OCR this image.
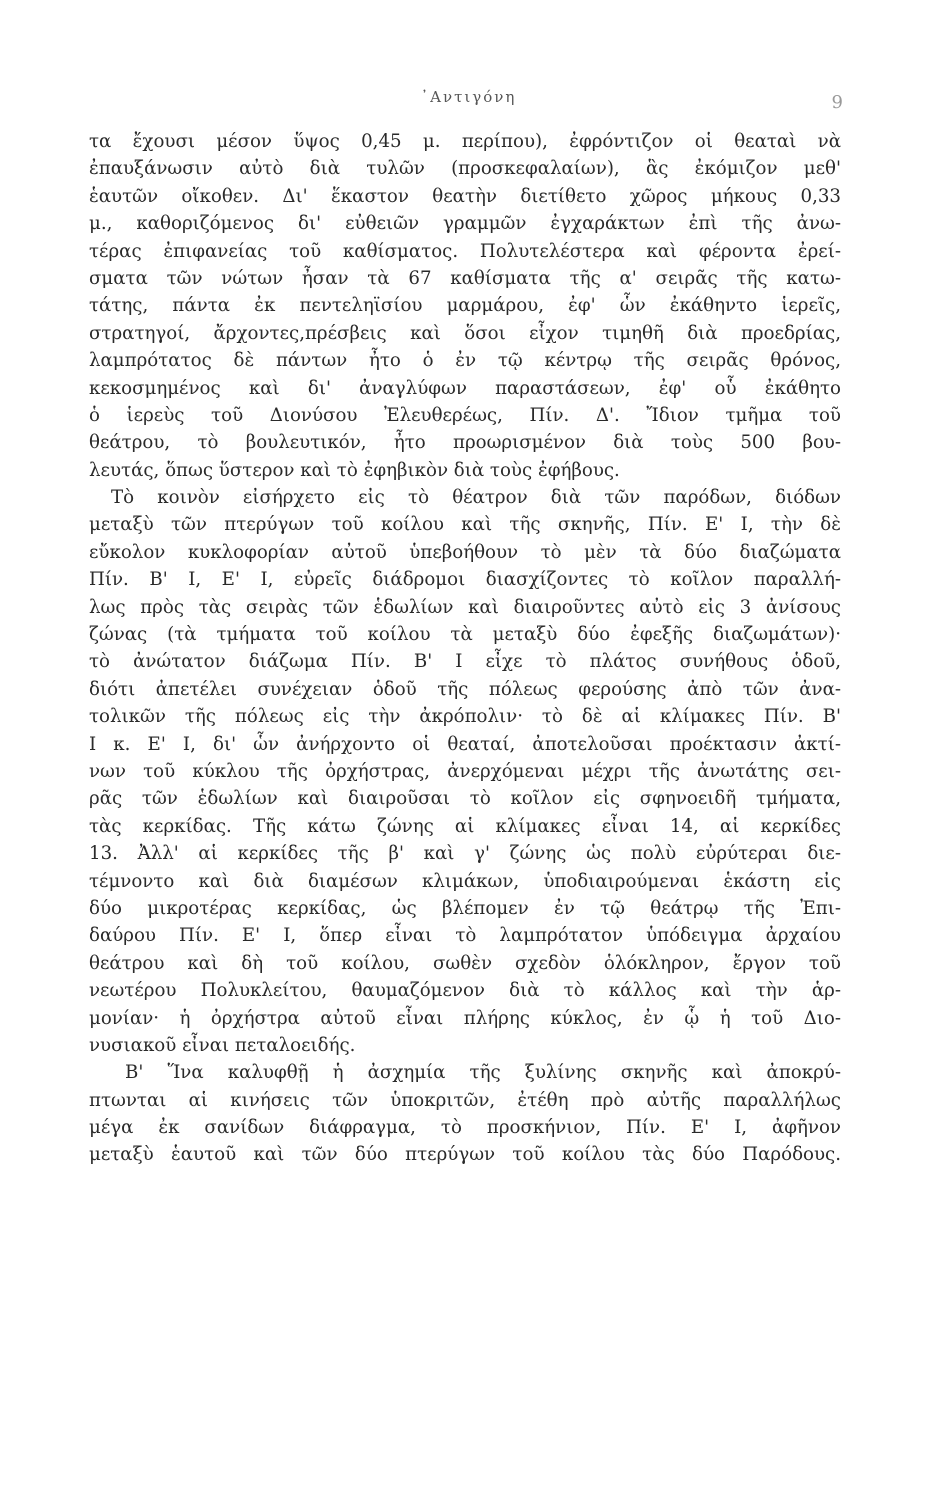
᾿Αντιγόνη	9
τα ἔχουσι μέσον ὕψος 0,45 μ. περίπου), ἐφρόντιζον οἱ θεαταὶ νὰ
ἐπαυξάνωσιν αὐτὸ διὰ τυλῶν (προσκεφαλαίων), ἃς ἐκόμιζον μεθ'
ἑαυτῶν οἴκοθεν. Δι' ἕκαστον θεατὴν διετίθετο χῶρος μήκους 0,33
μ., καθοριζόμενος δι' εὐθειῶν γραμμῶν ἐγχαράκτων ἐπὶ τῆς ἀνω-
τέρας ἐπιφανείας τοῦ καθίσματος. Πολυτελέστερα καὶ φέροντα ἐρεί-
σματα τῶν νώτων ἦσαν τὰ 67 καθίσματα τῆς α' σειρᾶς τῆς κατω-
τάτης, πάντα ἐκ πεντεληϊσίου μαρμάρου, ἐφ' ὧν ἐκάθηντο ἱερεῖς,
στρατηγοί, ἄρχοντες,πρέσβεις καὶ ὅσοι εἶχον τιμηθῆ διὰ προεδρίας,
λαμπρότατος δὲ πάντων ἦτο ὁ ἐν τῷ κέντρῳ τῆς σειρᾶς θρόνος,
κεκοσμημένος καὶ δι' ἀναγλύφων παραστάσεων, ἐφ' οὗ ἐκάθητο
ὁ ἱερεὺς τοῦ Διονύσου Ἐλευθερέως, Πίν. Δ'. Ἴδιον τμῆμα τοῦ
θεάτρου, τὸ βουλευτικόν, ἦτο προωρισμένον διὰ τοὺς 500 βου-
λευτάς, ὅπως ὕστερον καὶ τὸ ἐφηβικὸν διὰ τοὺς ἐφήβους.
Τὸ κοινὸν εἰσήρχετο εἰς τὸ θέατρον διὰ τῶν παρόδων, διόδων
μεταξὺ τῶν πτερύγων τοῦ κοίλου καὶ τῆς σκηνῆς, Πίν. Ε' Ι, τὴν δὲ
εὔκολον κυκλοφορίαν αὐτοῦ ὑπεβοήθουν τὸ μὲν τὰ δύο διαζώματα
Πίν. Β' Ι, Ε' Ι, εὐρεῖς διάδρομοι διασχίζοντες τὸ κοῖλον παραλλή-
λως πρὸς τὰς σειρὰς τῶν ἑδωλίων καὶ διαιροῦντες αὐτὸ εἰς 3 ἀνίσους
ζώνας (τὰ τμήματα τοῦ κοίλου τὰ μεταξὺ δύο ἐφεξῆς διαζωμάτων)·
τὸ ἀνώτατον διάζωμα Πίν. Β' Ι εἶχε τὸ πλάτος συνήθους ὁδοῦ,
διότι ἀπετέλει συνέχειαν ὁδοῦ τῆς πόλεως φερούσης ἀπὸ τῶν ἀνα-
τολικῶν τῆς πόλεως εἰς τὴν ἀκρόπολιν· τὸ δὲ αἱ κλίμακες Πίν. Β'
Ι κ. Ε' Ι, δι' ὧν ἀνήρχοντο οἱ θεαταί, ἀποτελοῦσαι προέκτασιν ἀκτί-
νων τοῦ κύκλου τῆς ὀρχήστρας, ἀνερχόμεναι μέχρι τῆς ἀνωτάτης σει-
ρᾶς τῶν ἑδωλίων καὶ διαιροῦσαι τὸ κοῖλον εἰς σφηνοειδῆ τμήματα,
τὰς κερκίδας. Τῆς κάτω ζώνης αἱ κλίμακες εἶναι 14, αἱ κερκίδες
13. Ἀλλ' αἱ κερκίδες τῆς β' καὶ γ' ζώνης ὡς πολὺ εὐρύτεραι διε-
τέμνοντο καὶ διὰ διαμέσων κλιμάκων, ὑποδιαιρούμεναι ἑκάστη εἰς
δύο μικροτέρας κερκίδας, ὡς βλέπομεν ἐν τῷ θεάτρῳ τῆς Ἐπι-
δαύρου Πίν. Ε' Ι, ὅπερ εἶναι τὸ λαμπρότατον ὑπόδειγμα ἀρχαίου
θεάτρου καὶ δὴ τοῦ κοίλου, σωθὲν σχεδὸν ὁλόκληρον, ἔργον τοῦ
νεωτέρου Πολυκλείτου, θαυμαζόμενον διὰ τὸ κάλλος καὶ τὴν ἁρ-
μονίαν· ἡ ὀρχήστρα αὐτοῦ εἶναι πλήρης κύκλος, ἐν ᾧ ἡ τοῦ Διο-
νυσιακοῦ εἶναι πεταλοειδής.
Β' Ἵνα καλυφθῇ ἡ ἀσχημία τῆς ξυλίνης σκηνῆς καὶ ἀποκρύ-
πτωνται αἱ κινήσεις τῶν ὑποκριτῶν, ἐτέθη πρὸ αὐτῆς παραλλήλως
μέγα ἐκ σανίδων διάφραγμα, τὸ προσκήνιον, Πίν. Ε' Ι, ἀφῆνον
μεταξὺ ἑαυτοῦ καὶ τῶν δύο πτερύγων τοῦ κοίλου τὰς δύο Παρόδους.
